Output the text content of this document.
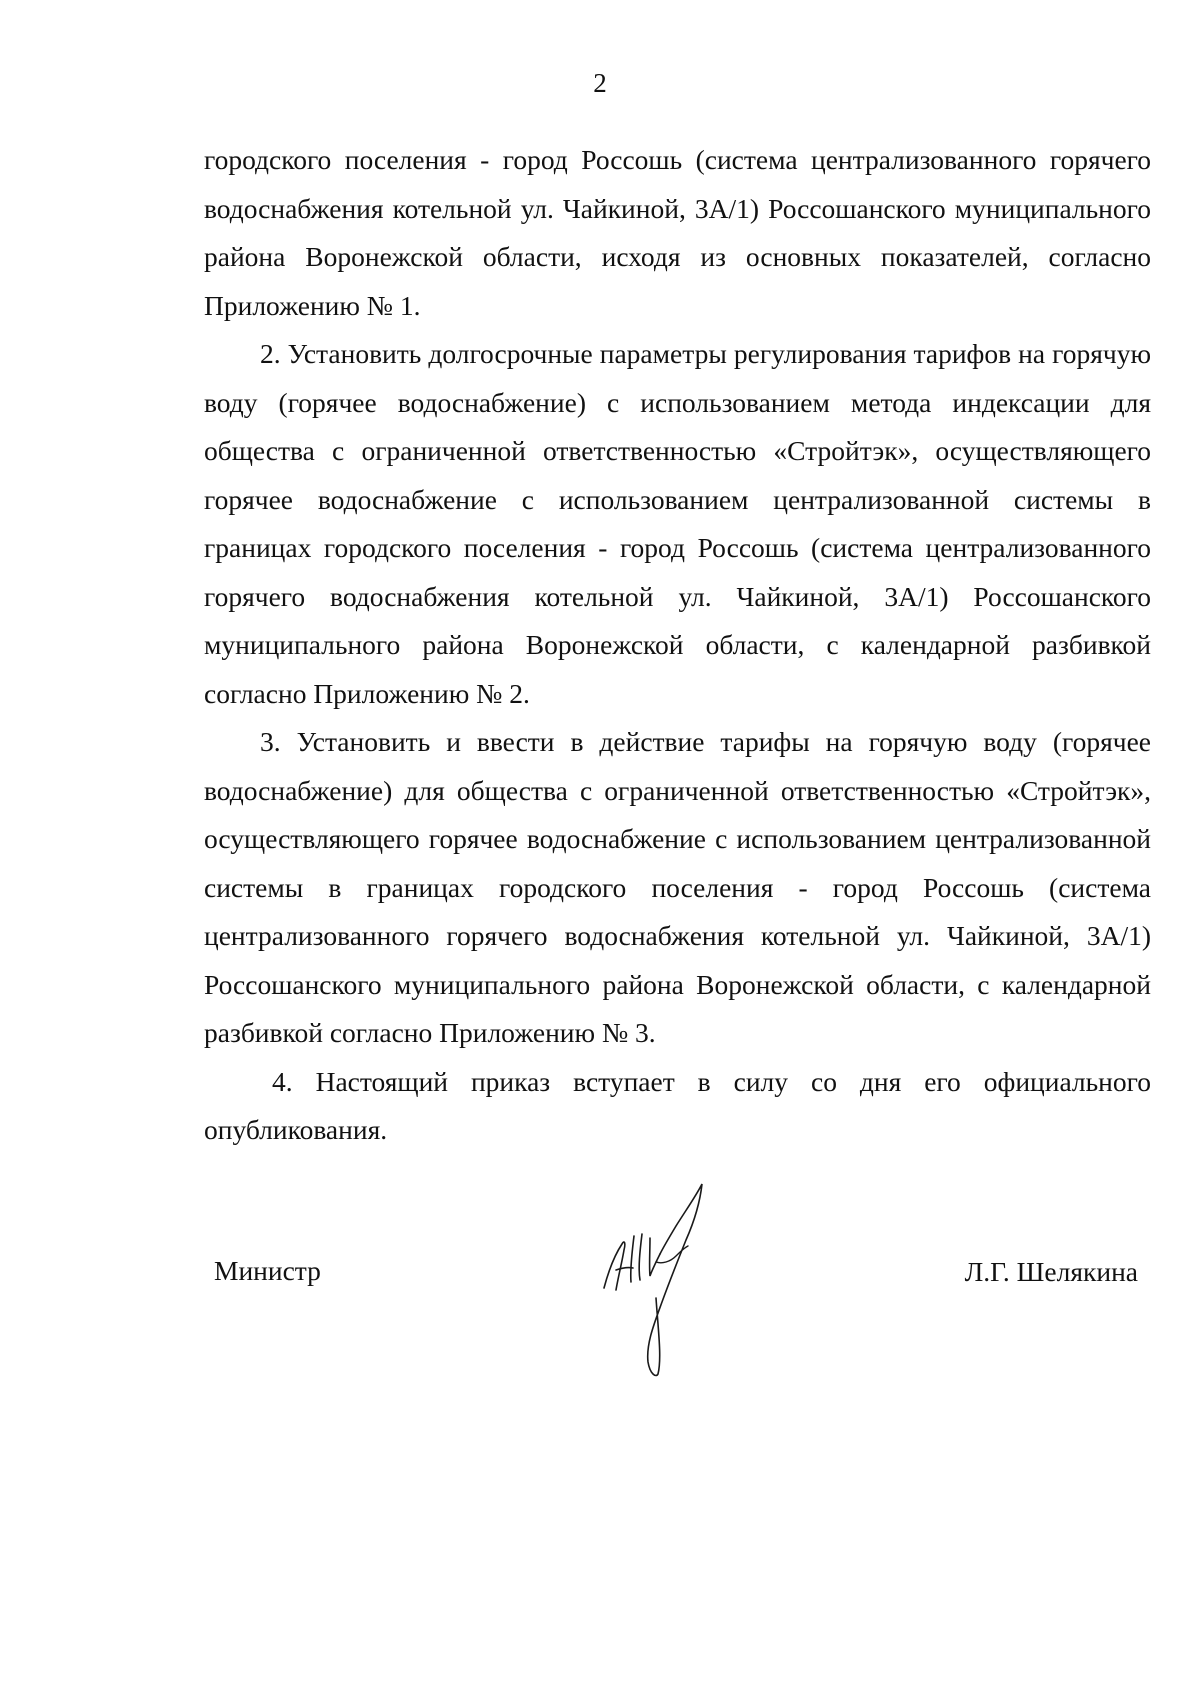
2

городского поселения - город Россошь (система централизованного горячего водоснабжения котельной ул. Чайкиной, 3А/1) Россошанского муниципального района Воронежской области, исходя из основных показателей, согласно Приложению № 1.

2. Установить долгосрочные параметры регулирования тарифов на горячую воду (горячее водоснабжение) с использованием метода индексации для общества с ограниченной ответственностью «Стройтэк», осуществляющего горячее водоснабжение с использованием централизованной системы в границах городского поселения - город Россошь (система централизованного горячего водоснабжения котельной ул. Чайкиной, 3А/1) Россошанского муниципального района Воронежской области, с календарной разбивкой согласно Приложению № 2.

3. Установить и ввести в действие тарифы на горячую воду (горячее водоснабжение) для общества с ограниченной ответственностью «Стройтэк», осуществляющего горячее водоснабжение с использованием централизованной системы в границах городского поселения - город Россошь (система централизованного горячего водоснабжения котельной ул. Чайкиной, 3А/1) Россошанского муниципального района Воронежской области, с календарной разбивкой согласно Приложению № 3.

4. Настоящий приказ вступает в силу со дня его официального опубликования.

Министр	Л.Г. Шелякина
